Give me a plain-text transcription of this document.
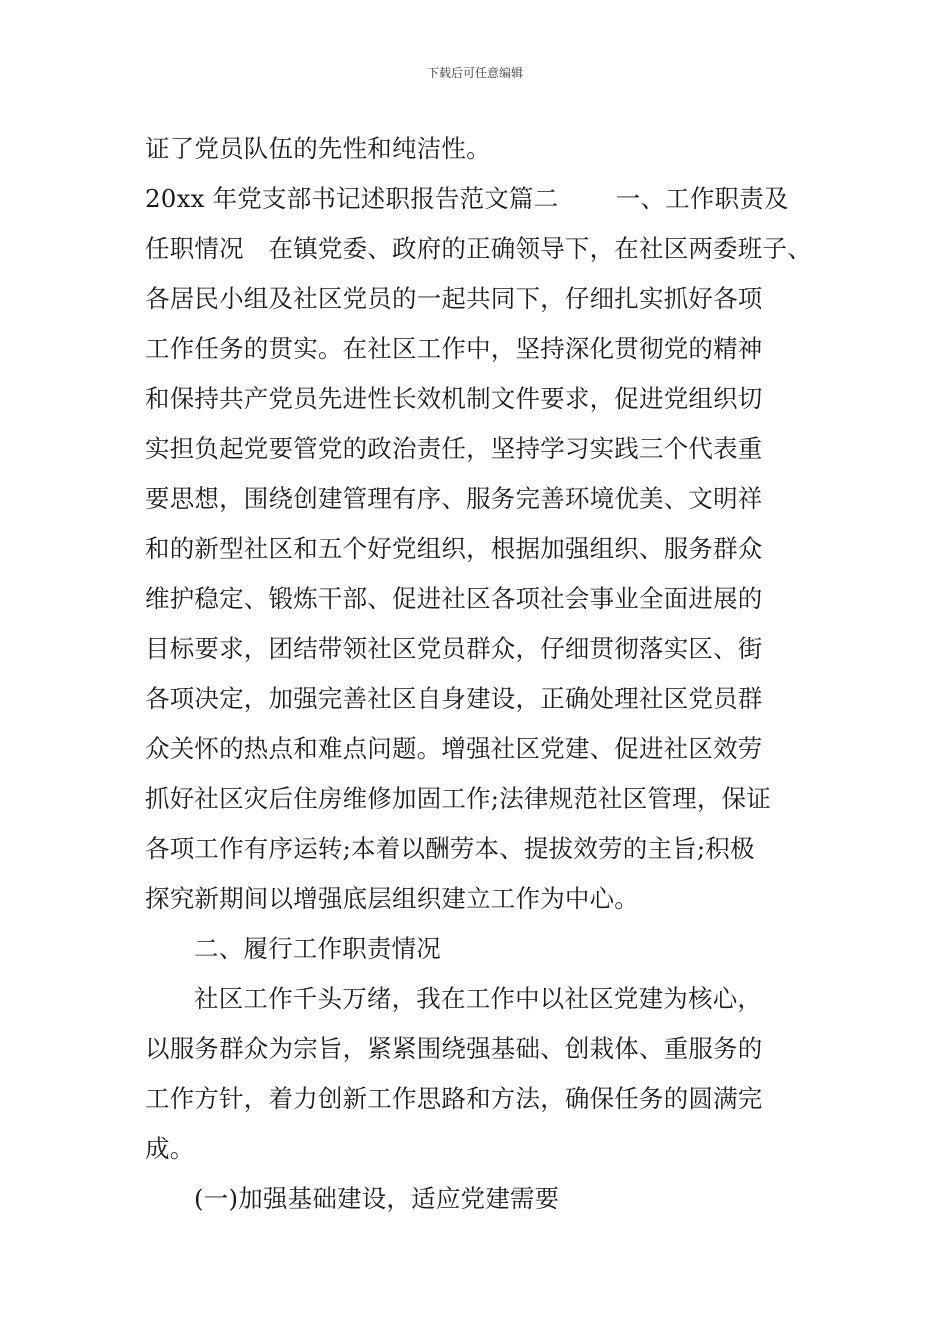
下载后可任意编辑
证了党员队伍的先性和纯洁性。
20xx 年党支部书记述职报告范文篇二　　 一、工作职责及
任职情况　在镇党委、政府的正确领导下，在社区两委班子、
各居民小组及社区党员的一起共同下，仔细扎实抓好各项
工作任务的贯实。在社区工作中，坚持深化贯彻党的精神
和保持共产党员先进性长效机制文件要求，促进党组织切
实担负起党要管党的政治责任，坚持学习实践三个代表重
要思想，围绕创建管理有序、服务完善环境优美、文明祥
和的新型社区和五个好党组织，根据加强组织、服务群众
维护稳定、锻炼干部、促进社区各项社会事业全面进展的
目标要求，团结带领社区党员群众，仔细贯彻落实区、街
各项决定，加强完善社区自身建设，正确处理社区党员群
众关怀的热点和难点问题。增强社区党建、促进社区效劳
抓好社区灾后住房维修加固工作;法律规范社区管理，保证
各项工作有序运转;本着以酬劳本、提拔效劳的主旨;积极
探究新期间以增强底层组织建立工作为中心。
二、履行工作职责情况
社区工作千头万绪，我在工作中以社区党建为核心，
以服务群众为宗旨，紧紧围绕强基础、创栽体、重服务的
工作方针，着力创新工作思路和方法，确保任务的圆满完
成。
(一)加强基础建设，适应党建需要
